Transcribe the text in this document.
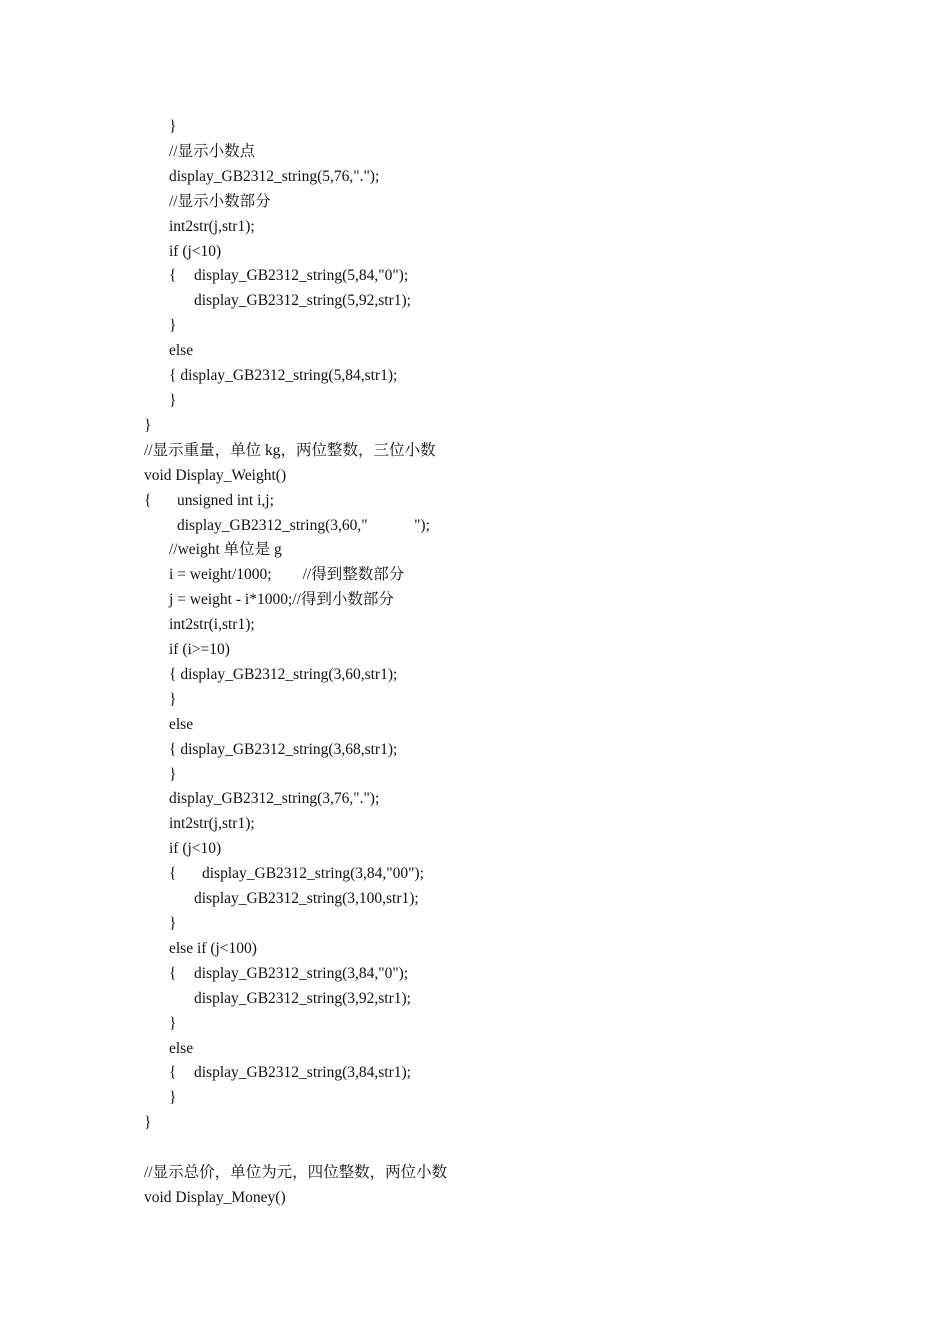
}
//显示小数点
display_GB2312_string(5,76,".");
//显示小数部分
int2str(j,str1);
if (j<10)
{ display_GB2312_string(5,84,"0");
display_GB2312_string(5,92,str1);
}
else
{ display_GB2312_string(5,84,str1);
}
}
//显示重量，单位 kg，两位整数，三位小数
void Display_Weight()
{ unsigned int i,j;
display_GB2312_string(3,60,"            ");
//weight 单位是 g
i = weight/1000;        //得到整数部分
j = weight - i*1000;//得到小数部分
int2str(i,str1);
if (i>=10)
{ display_GB2312_string(3,60,str1);
}
else
{ display_GB2312_string(3,68,str1);
}
display_GB2312_string(3,76,".");
int2str(j,str1);
if (j<10)
{ display_GB2312_string(3,84,"00");
display_GB2312_string(3,100,str1);
}
else if (j<100)
{ display_GB2312_string(3,84,"0");
display_GB2312_string(3,92,str1);
}
else
{ display_GB2312_string(3,84,str1);
}
}
//显示总价，单位为元，四位整数，两位小数
void Display_Money()
